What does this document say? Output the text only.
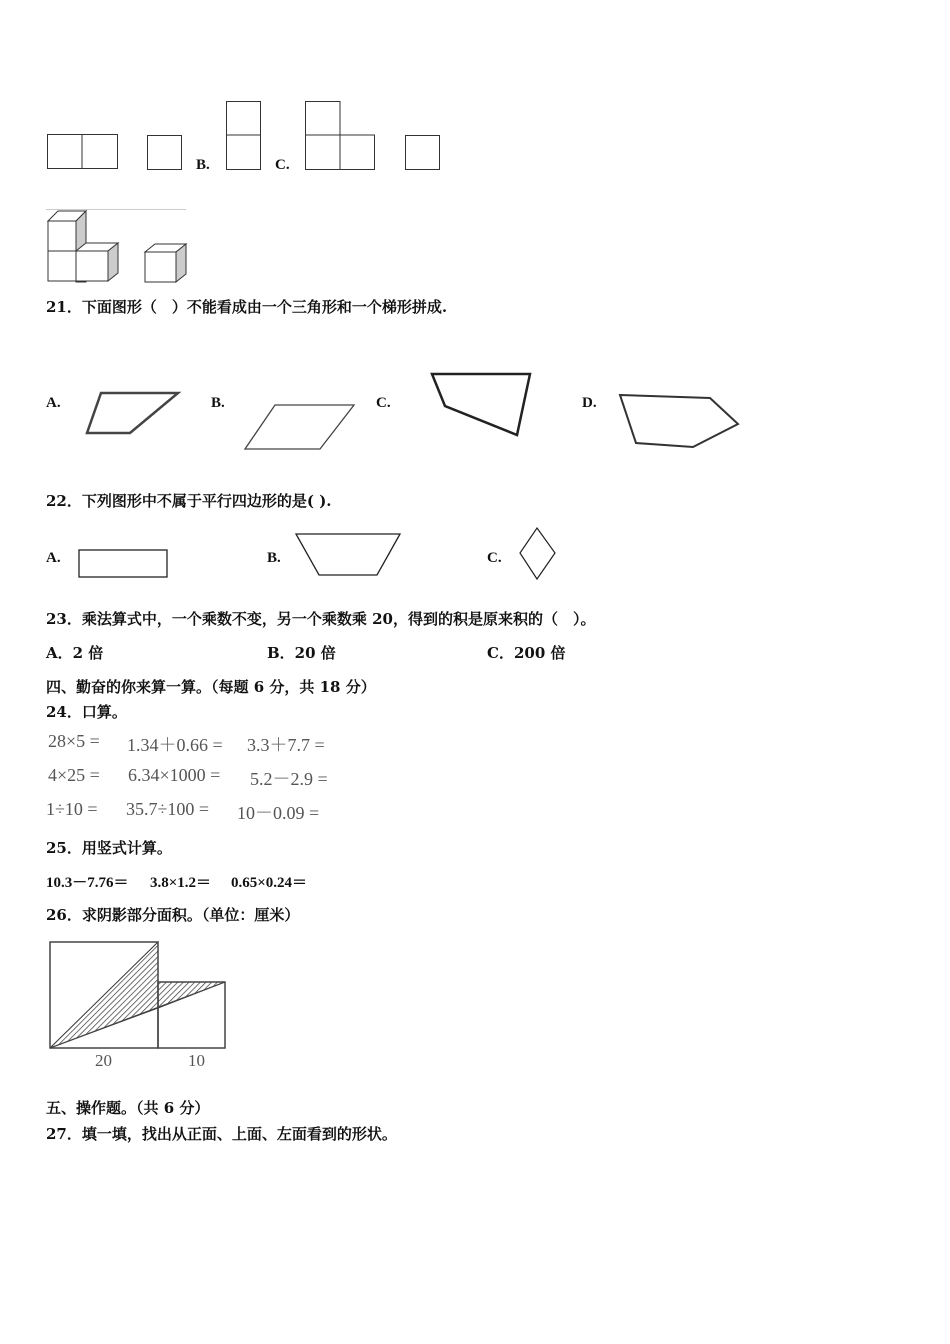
B.	C.
21．下面图形（　）不能看成由一个三角形和一个梯形拼成.
A.	B.	C.	D.
22．下列图形中不属于平行四边形的是( ).
A.	B.	C.
23．乘法算式中，一个乘数不变，另一个乘数乘 20，得到的积是原来积的（　）。
A．2 倍	B．20 倍	C．200 倍
四、勤奋的你来算一算。（每题 6 分，共 18 分）
24．口算。
28×5 = 1.34＋0.66 = 3.3＋7.7 =
4×25 = 6.34×1000 = 5.2－2.9 =
1÷10 = 35.7÷100 = 10－0.09 =
25．用竖式计算。
10.3－7.76＝ 3.8×1.2＝ 0.65×0.24＝
26．求阴影部分面积。（单位：厘米）
20	10
五、操作题。（共 6 分）
27．填一填，找出从正面、上面、左面看到的形状。
